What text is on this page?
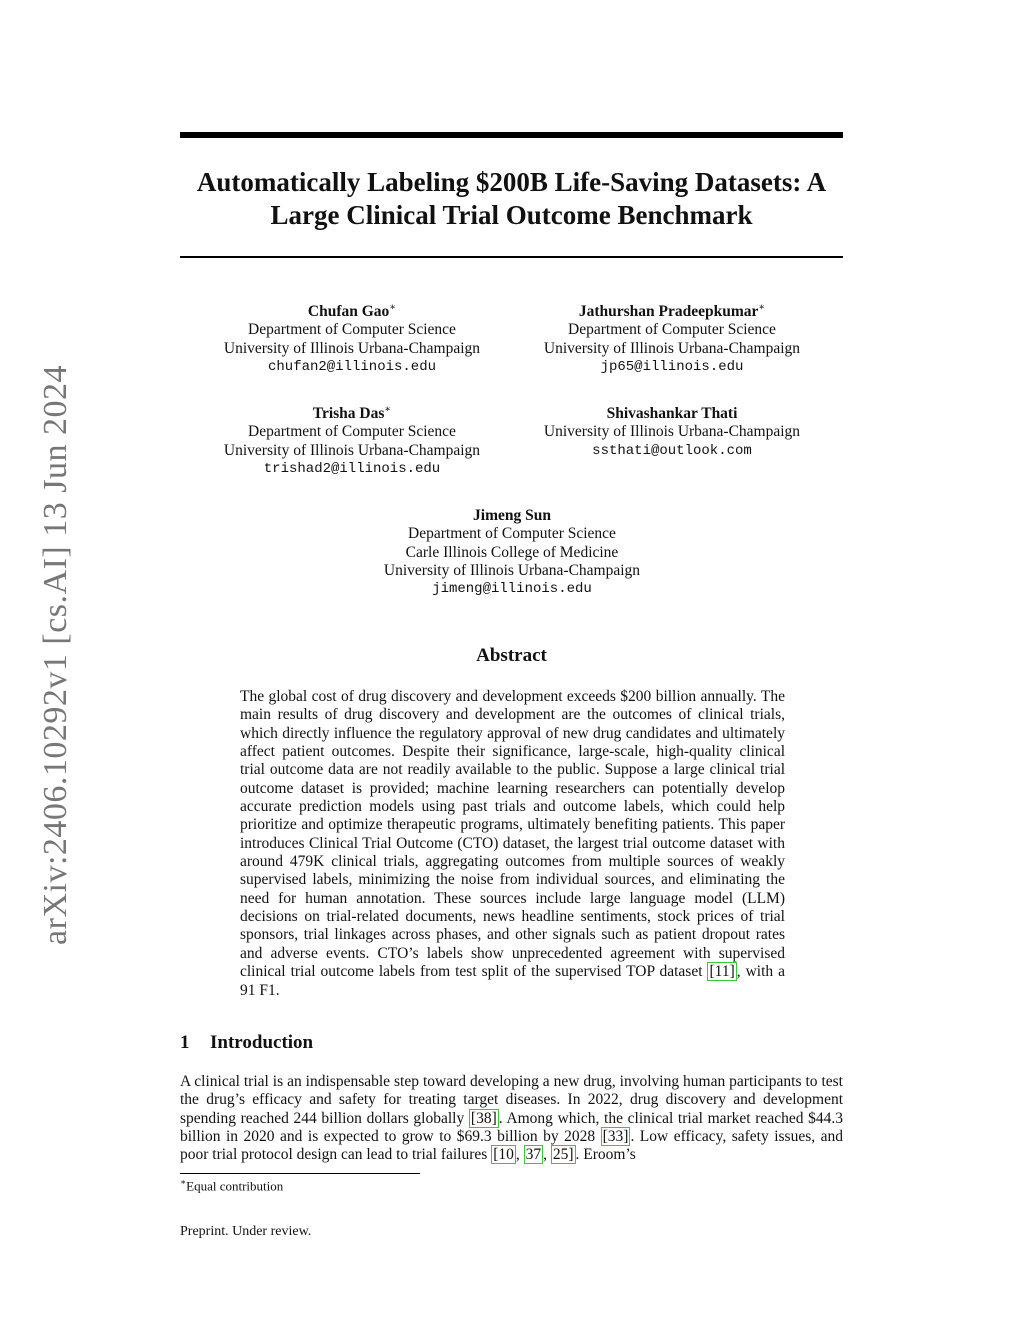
arXiv:2406.10292v1 [cs.AI] 13 Jun 2024
Automatically Labeling $200B Life-Saving Datasets: A
Large Clinical Trial Outcome Benchmark
Chufan Gao∗
Department of Computer Science
University of Illinois Urbana-Champaign
chufan2@illinois.edu
Jathurshan Pradeepkumar∗
Department of Computer Science
University of Illinois Urbana-Champaign
jp65@illinois.edu
Trisha Das∗
Department of Computer Science
University of Illinois Urbana-Champaign
trishad2@illinois.edu
Shivashankar Thati
University of Illinois Urbana-Champaign
ssthati@outlook.com
Jimeng Sun
Department of Computer Science
Carle Illinois College of Medicine
University of Illinois Urbana-Champaign
jimeng@illinois.edu
Abstract

The global cost of drug discovery and development exceeds $200 billion annually. The main results of drug discovery and development are the outcomes of clinical trials, which directly influence the regulatory approval of new drug candidates and ultimately affect patient outcomes. Despite their significance, large-scale, high-quality clinical trial outcome data are not readily available to the public. Suppose a large clinical trial outcome dataset is provided; machine learning researchers can potentially develop accurate prediction models using past trials and outcome labels, which could help prioritize and optimize therapeutic programs, ultimately benefiting patients. This paper introduces Clinical Trial Outcome (CTO) dataset, the largest trial outcome dataset with around 479K clinical trials, aggregating outcomes from multiple sources of weakly supervised labels, minimizing the noise from individual sources, and eliminating the need for human annotation. These sources include large language model (LLM) decisions on trial-related documents, news headline sentiments, stock prices of trial sponsors, trial linkages across phases, and other signals such as patient dropout rates and adverse events. CTO’s labels show unprecedented agreement with supervised clinical trial outcome labels from test split of the supervised TOP dataset [11] , with a 91 F1.

1 Introduction

A clinical trial is an indispensable step toward developing a new drug, involving human participants to test the drug’s efficacy and safety for treating target diseases. In 2022, drug discovery and development spending reached 244 billion dollars globally [38] . Among which, the clinical trial market reached $44.3 billion in 2020 and is expected to grow to $69.3 billion by 2028 [33] . Low efficacy, safety issues, and poor trial protocol design can lead to trial failures [10 , 37 , 25] . Eroom’s

∗Equal contribution

Preprint. Under review.
